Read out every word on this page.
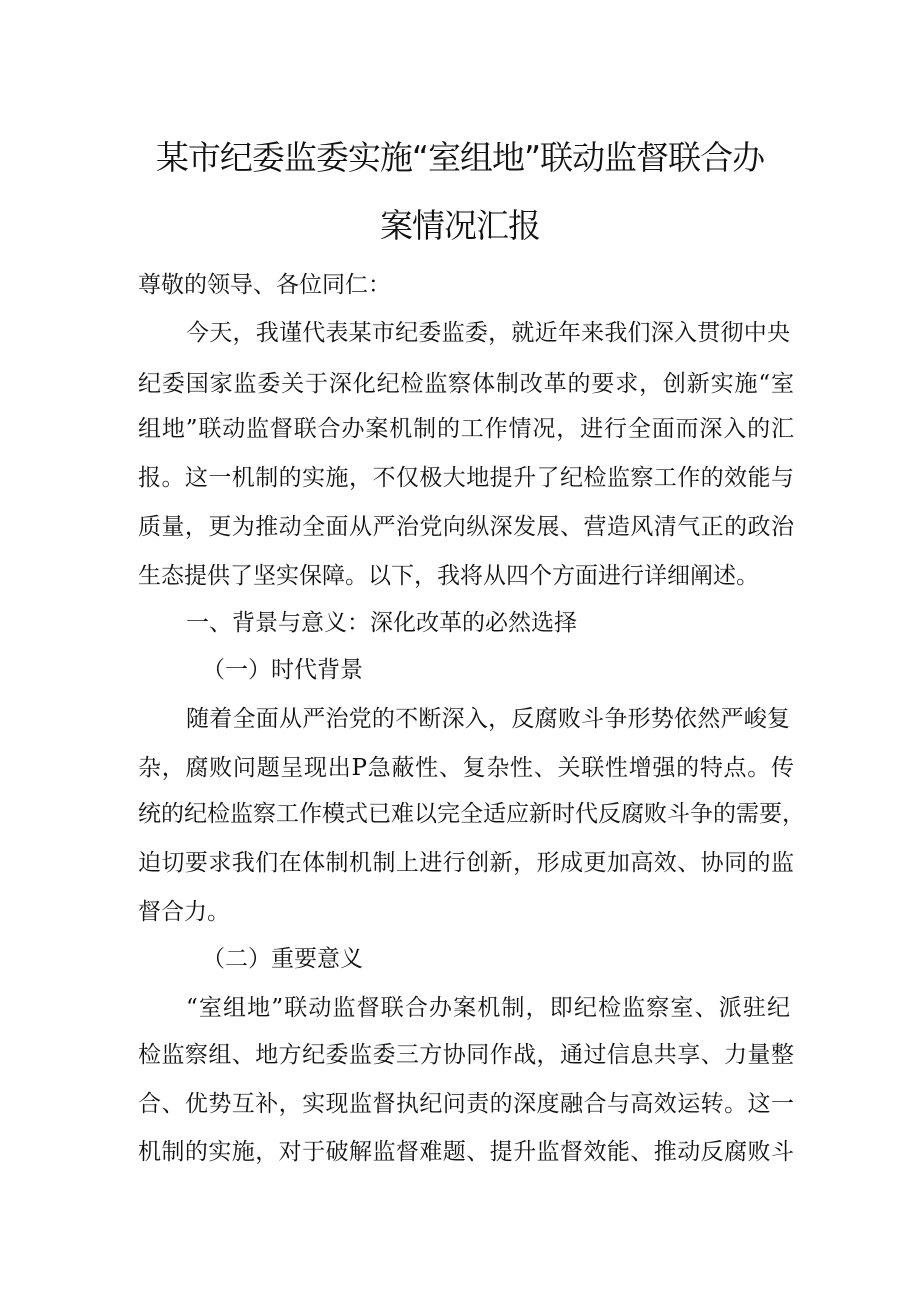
某市纪委监委实施“室组地”联动监督联合办
案情况汇报

尊敬的领导、各位同仁：

今天，我谨代表某市纪委监委，就近年来我们深入贯彻中央

纪委国家监委关于深化纪检监察体制改革的要求，创新实施“室

组地”联动监督联合办案机制的工作情况，进行全面而深入的汇

报。这一机制的实施，不仅极大地提升了纪检监察工作的效能与

质量，更为推动全面从严治党向纵深发展、营造风清气正的政治

生态提供了坚实保障。以下，我将从四个方面进行详细阐述。

一、背景与意义：深化改革的必然选择

（一）时代背景

随着全面从严治党的不断深入，反腐败斗争形势依然严峻复

杂，腐败问题呈现出P急蔽性、复杂性、关联性增强的特点。传

统的纪检监察工作模式已难以完全适应新时代反腐败斗争的需要，

迫切要求我们在体制机制上进行创新，形成更加高效、协同的监

督合力。

（二）重要意义

“室组地”联动监督联合办案机制，即纪检监察室、派驻纪

检监察组、地方纪委监委三方协同作战，通过信息共享、力量整

合、优势互补，实现监督执纪问责的深度融合与高效运转。这一

机制的实施，对于破解监督难题、提升监督效能、推动反腐败斗
